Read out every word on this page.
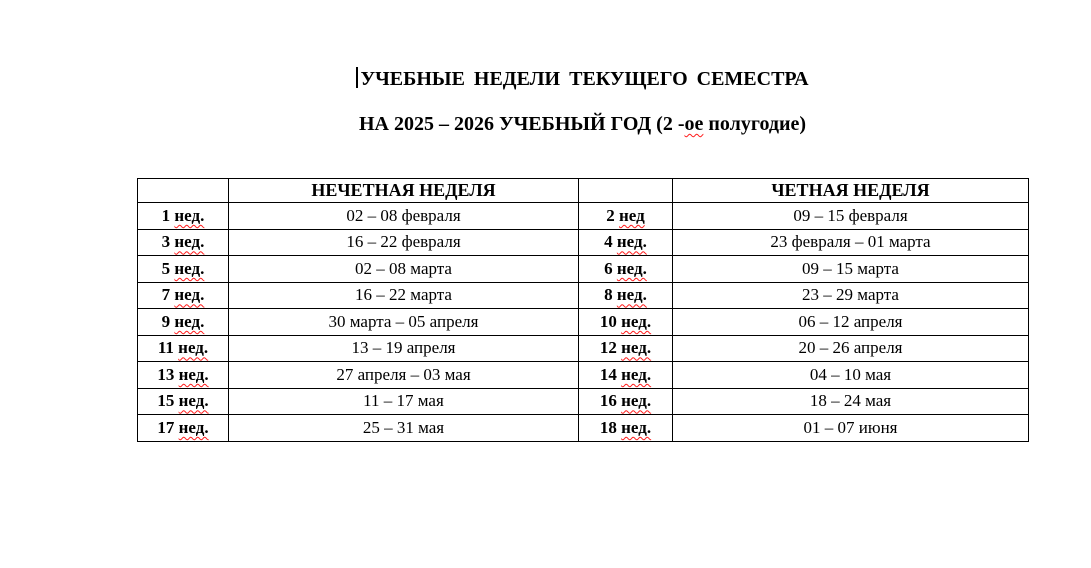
УЧЕБНЫЕ НЕДЕЛИ ТЕКУЩЕГО СЕМЕСТРА
НА 2025 – 2026 УЧЕБНЫЙ ГОД (2 -ое полугодие)
	НЕЧЕТНАЯ НЕДЕЛЯ		ЧЕТНАЯ НЕДЕЛЯ
1 нед.	02 – 08 февраля	2 нед	09 – 15 февраля
3 нед.	16 – 22 февраля	4 нед.	23 февраля – 01 марта
5 нед.	02 – 08 марта	6 нед.	09 – 15 марта
7 нед.	16 – 22 марта	8 нед.	23 – 29 марта
9 нед.	30 марта – 05 апреля	10 нед.	06 – 12 апреля
11 нед.	13 – 19 апреля	12 нед.	20 – 26 апреля
13 нед.	27 апреля – 03 мая	14 нед.	04 – 10 мая
15 нед.	11 – 17 мая	16 нед.	18 – 24 мая
17 нед.	25 – 31 мая	18 нед.	01 – 07 июня
